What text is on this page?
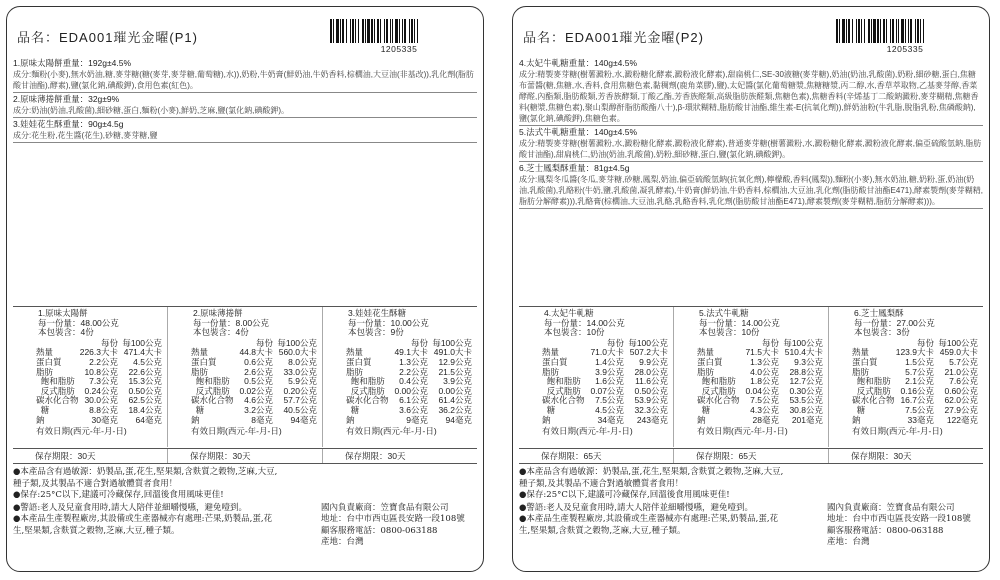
品名：EDA001璀光金曜(P1)
1205335
1.原味太陽餅重量：192g±4.5%
成分:麵粉(小麥),無水奶油,糖,麥芽糖(糖(麥芽,麥芽糖,葡萄糖),水)),奶粉,牛奶膏(鮮奶油,牛奶香料,棕櫚油,大豆油(非基改)),乳化劑(脂肪酸甘油酯),酵素),鹽(氯化鈉,碘酸鉀),食用色素(紅色)。
2.原味薄捲餅重量：32g±9%
成分:奶油(奶油,乳酸菌),細砂糖,蛋白,麵粉(小麥),鮮奶,芝麻,鹽(氯化鈉,碘酸鉀)。
3.娃娃花生酥重量：90g±4.5g
成分:花生粉,花生醬(花生),砂糖,麥芽糖,鹽
1.原味太陽餅
每一份量：48.00公克
本包裝含：4份
每份 每100公克
熱量	226.3大卡 471.4大卡
蛋白質	2.2公克	4.5公克
脂肪	10.8公克	22.6公克
飽和脂肪	7.3公克	15.3公克
反式脂肪	0.24公克	0.50公克
碳水化合物 30.0公克	62.5公克
糖	8.8公克	18.4公克
鈉	30毫克	64毫克
有效日期(西元-年-月-日)
2.原味薄捲餅
每一份量：8.00公克
本包裝含：4份
每份 每100公克
熱量	44.8大卡 560.0大卡
蛋白質	0.6公克	8.0公克
脂肪	2.6公克	33.0公克
飽和脂肪	0.5公克	5.9公克
反式脂肪	0.02公克	0.20公克
碳水化合物	4.6公克	57.7公克
糖	3.2公克	40.5公克
鈉	8毫克	94毫克
有效日期(西元-年-月-日)
3.娃娃花生酥糖
每一份量：10.00公克
本包裝含：9份
每份 每100公克
熱量	49.1大卡 491.0大卡
蛋白質	1.3公克	12.9公克
脂肪	2.2公克	21.5公克
飽和脂肪	0.4公克	3.9公克
反式脂肪	0.00公克	0.00公克
碳水化合物	6.1公克	61.4公克
糖	3.6公克	36.2公克
鈉	9毫克	94毫克
有效日期(西元-年-月-日)
保存期限：30天	保存期限：30天	保存期限：30天
●本產品含有過敏源：奶製品,蛋,花生,堅果類,含麩質之穀物,芝麻,大豆,
種子類,及其製品不適合對過敏體質者食用！
●保存:25°C以下,建議可冷藏保存,回溫後食用風味更佳!
●警語:老人及兒童食用時,請大人陪伴並細嚼慢嚥，避免噎到。
●本產品生產製程廠房,其設備或生產器械亦有處理:芒果,奶製品,蛋,花
生,堅果類,含麩質之穀物,芝麻,大豆,種子類。
國內負責廠商：笠寶食品有限公司
地址：台中市西屯區長安路一段108號
顧客服務電話：0800-063188
產地：台灣
品名：EDA001璀光金曜(P2)
1205335
4.太妃牛軋糖重量：140g±4.5%
成分:精製麥芽糖(樹薯澱粉,水,澱粉糖化酵素,澱粉液化酵素),甜扁桃仁,SE-30液糖(麥芽糖),奶油(奶油,乳酸菌),奶粉,細砂糖,蛋白,焦糖布蕾醬(糖,焦糖,水,香料,食用焦糖色素,黏稠劑(鹿角菜膠),鹽),太妃醬(氯化葡萄糖漿,焦糖糖漿,丙二醇,水,香草萃取物,乙基麥芽醇,香菜酵醛,內酯類,脂肪酸類,芳香族酵類,丁酸乙酯,芳香族醛類,高級脂肪族醛類,焦糖色素),焦糖香料(辛烯基丁二酸鈉澱粉,麥芽糊精,焦糖香料(糖漿,焦糖色素),聚山梨醇酐脂肪酸酯八十),β-環狀糊精,脂肪酸甘油酯,維生素-E(抗氧化劑)),鮮奶油粉(牛乳脂,脫脂乳粉,焦磷酸鈉),鹽(氯化鈉,碘酸鉀),焦糖色素。
5.法式牛軋糖重量：140g±4.5%
成分:精製麥芽糖(樹薯澱粉,水,澱粉糖化酵素,澱粉液化酵素),普通麥芽糖(樹薯澱粉,水,澱粉糖化酵素,澱粉液化酵素,偏亞硫酸氫鈉,脂肪酸甘油酯),甜扁桃仁,奶油(奶油,乳酸菌),奶粉,細砂糖,蛋白,鹽(氯化鈉,碘酸鉀)。
6.芝士鳳梨酥重量：81g±4.5g
成分:鳳梨冬瓜醬(冬瓜,麥芽糖,砂糖,鳳梨,奶油,偏亞硫酸氫鈉(抗氧化劑),檸檬酸,香料(鳳梨)),麵粉(小麥),無水奶油,糖,奶粉,蛋,奶油(奶油,乳酸菌),乳酪粉(牛奶,鹽,乳酸菌,凝乳酵素),牛奶膏(鮮奶油,牛奶香料,棕櫚油,大豆油,乳化劑(脂肪酸甘油酯E471),酵素製劑(麥芽糊精,脂肪分解酵素))),乳酪膏(棕櫚油,大豆油,乳酪,乳酪香料,乳化劑(脂肪酸甘油酯E471),酵素製劑(麥芽糊精,脂肪分解酵素)))。
4.太妃牛軋糖
每一份量：14.00公克
本包裝含：10份
每份 每100公克
熱量	71.0大卡 507.2大卡
蛋白質	1.4公克	9.9公克
脂肪	3.9公克	28.0公克
飽和脂肪	1.6公克	11.6公克
反式脂肪	0.07公克	0.50公克
碳水化合物	7.5公克	53.9公克
糖	4.5公克	32.3公克
鈉	34毫克	243毫克
有效日期(西元-年-月-日)
5.法式牛軋糖
每一份量：14.00公克
本包裝含：10份
每份 每100公克
熱量	71.5大卡 510.4大卡
蛋白質	1.3公克	9.3公克
脂肪	4.0公克	28.8公克
飽和脂肪	1.8公克	12.7公克
反式脂肪	0.04公克	0.30公克
碳水化合物	7.5公克	53.5公克
糖	4.3公克	30.8公克
鈉	28毫克	201毫克
有效日期(西元-年-月-日)
6.芝士鳳梨酥
每一份量：27.00公克
本包裝含：3份
每份 每100公克
熱量	123.9大卡 459.0大卡
蛋白質	1.5公克	5.7公克
脂肪	5.7公克	21.0公克
飽和脂肪	2.1公克	7.6公克
反式脂肪	0.16公克	0.60公克
碳水化合物 16.7公克	62.0公克
糖	7.5公克	27.9公克
鈉	33毫克	122毫克
有效日期(西元-年-月-日)
保存期限：65天	保存期限：65天	保存期限：30天
●本產品含有過敏源：奶製品,蛋,花生,堅果類,含麩質之穀物,芝麻,大豆,
種子類,及其製品不適合對過敏體質者食用！
●保存:25°C以下,建議可冷藏保存,回溫後食用風味更佳!
●警語:老人及兒童食用時,請大人陪伴並細嚼慢嚥，避免噎到。
●本產品生產製程廠房,其設備或生產器械亦有處理:芒果,奶製品,蛋,花
生,堅果類,含麩質之穀物,芝麻,大豆,種子類。
國內負責廠商：笠寶食品有限公司
地址：台中市西屯區長安路一段108號
顧客服務電話：0800-063188
產地：台灣
